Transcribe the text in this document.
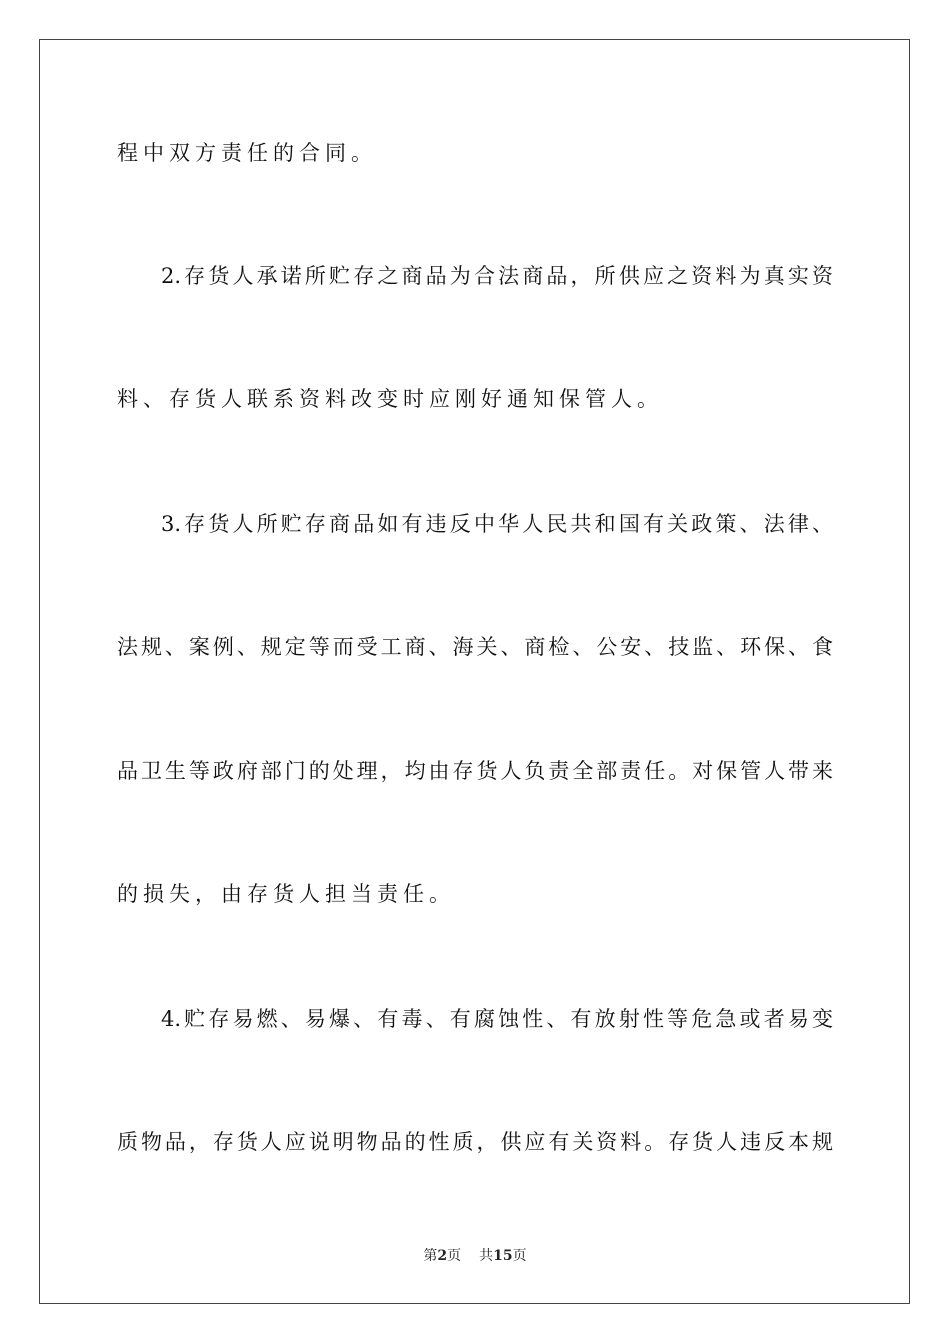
程中双方责任的合同。
2.存货人承诺所贮存之商品为合法商品，所供应之资料为真实资
料、存货人联系资料改变时应刚好通知保管人。
3.存货人所贮存商品如有违反中华人民共和国有关政策、法律、
法规、案例、规定等而受工商、海关、商检、公安、技监、环保、食
品卫生等政府部门的处理，均由存货人负责全部责任。对保管人带来
的损失，由存货人担当责任。
4.贮存易燃、易爆、有毒、有腐蚀性、有放射性等危急或者易变
质物品，存货人应说明物品的性质，供应有关资料。存货人违反本规
第2页 共15页
